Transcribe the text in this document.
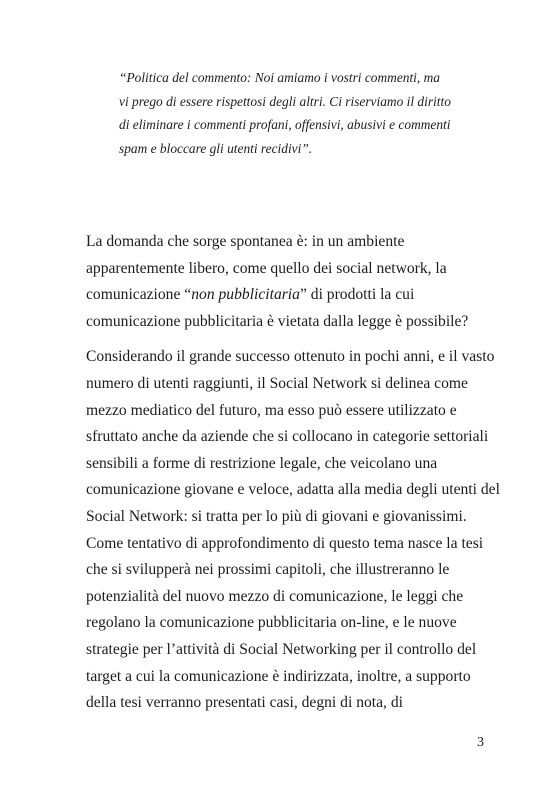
“Politica del commento: Noi amiamo i vostri commenti, ma
vi prego di essere rispettosi degli altri. Ci riserviamo il diritto
di eliminare i commenti profani, offensivi, abusivi e commenti
spam e bloccare gli utenti recidivi”.
La domanda che sorge spontanea è: in un ambiente
apparentemente libero, come quello dei social network, la
comunicazione “non pubblicitaria” di prodotti la cui
comunicazione pubblicitaria è vietata dalla legge è possibile?
Considerando il grande successo ottenuto in pochi anni, e il vasto
numero di utenti raggiunti, il Social Network si delinea come
mezzo mediatico del futuro, ma esso può essere utilizzato e
sfruttato anche da aziende che si collocano in categorie settoriali
sensibili a forme di restrizione legale, che veicolano una
comunicazione giovane e veloce, adatta alla media degli utenti del
Social Network: si tratta per lo più di giovani e giovanissimi.
Come tentativo di approfondimento di questo tema nasce la tesi
che si svilupperà nei prossimi capitoli, che illustreranno le
potenzialità del nuovo mezzo di comunicazione, le leggi che
regolano la comunicazione pubblicitaria on-line, e le nuove
strategie per l’attività di Social Networking per il controllo del
target a cui la comunicazione è indirizzata, inoltre, a supporto
della tesi verranno presentati casi, degni di nota, di
3
